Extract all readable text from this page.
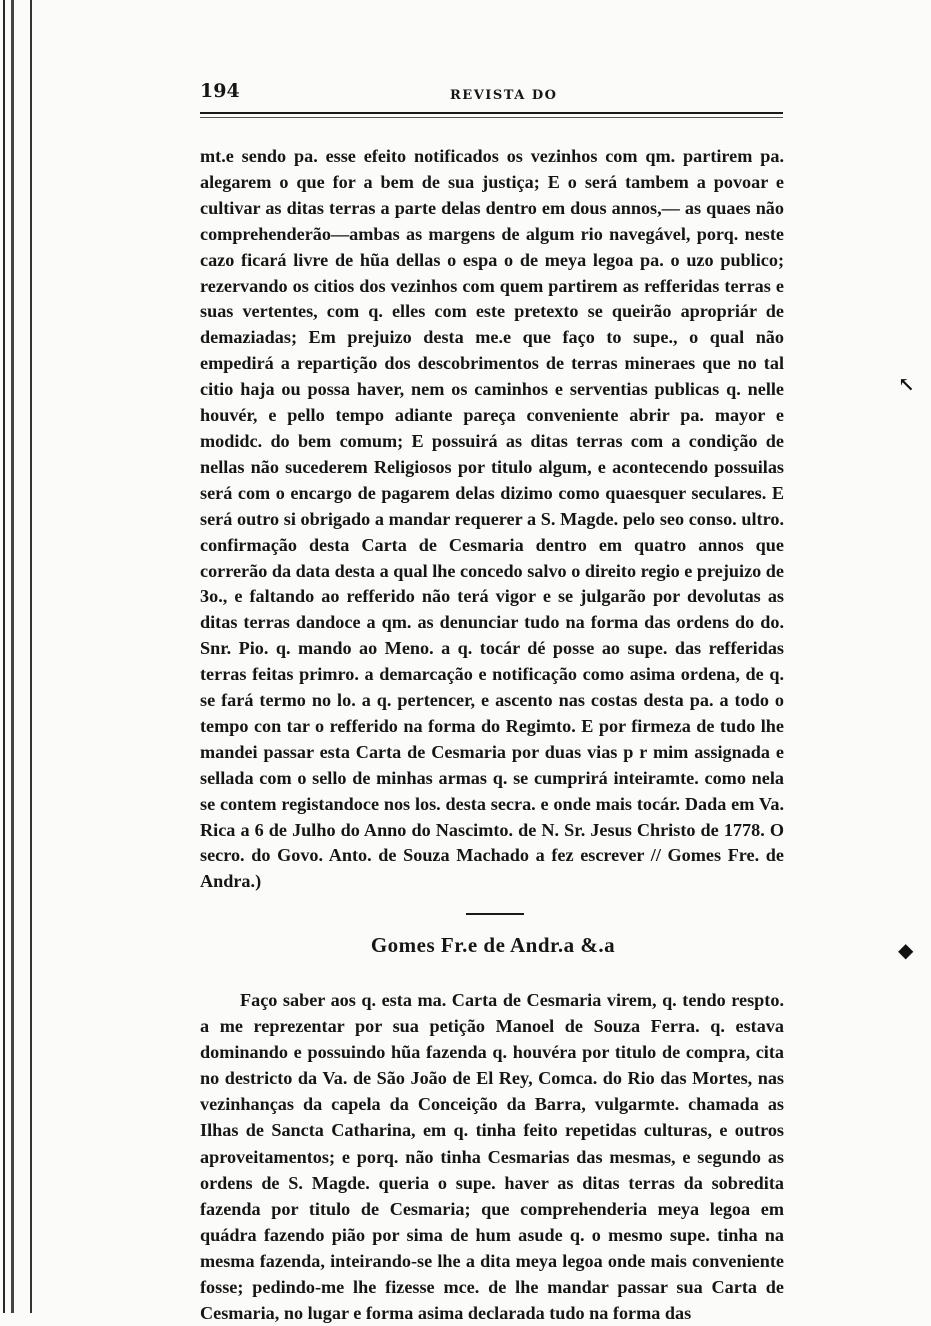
194	REVISTA DO

mt.e sendo pa. esse efeito notificados os vezinhos com qm. partirem pa. alegarem o que for a bem de sua justiça; E o será tambem a povoar e cultivar as ditas terras a parte delas dentro em dous annos,— as quaes não comprehenderão—ambas as margens de algum rio navegável, porq. neste cazo ficará livre de hũa dellas o espa o de meya legoa pa. o uzo publico; rezervando os citios dos vezinhos com quem partirem as refferidas terras e suas vertentes, com q. elles com este pretexto se queirão apropriár de demaziadas; Em prejuizo desta me.e que faço to supe., o qual não empedirá a repartição dos descobrimentos de terras mineraes que no tal citio haja ou possa haver, nem os caminhos e serventias publicas q. nelle houvér, e pello tempo adiante pareça conveniente abrir pa. mayor e modidc. do bem comum; E possuirá as ditas terras com a condição de nellas não sucederem Religiosos por titulo algum, e acontecendo possuilas será com o encargo de pagarem delas dizimo como quaesquer seculares. E será outro si obrigado a mandar requerer a S. Magde. pelo seo conso. ultro. confirmação desta Carta de Cesmaria dentro em quatro annos que correrão da data desta a qual lhe concedo salvo o direito regio e prejuizo de 3o., e faltando ao refferido não terá vigor e se julgarão por devolutas as ditas terras dandoce a qm. as denunciar tudo na forma das ordens do do. Snr. Pio. q. mando ao Meno. a q. tocár dé posse ao supe. das refferidas terras feitas primro. a demarcação e notificação como asima ordena, de q. se fará termo no lo. a q. pertencer, e ascento nas costas desta pa. a todo o tempo con tar o refferido na forma do Regimto. E por firmeza de tudo lhe mandei passar esta Carta de Cesmaria por duas vias p r mim assignada e sellada com o sello de minhas armas q. se cumprirá inteiramte. como nela se contem registandoce nos los. desta secra. e onde mais tocár. Dada em Va. Rica a 6 de Julho do Anno do Nascimto. de N. Sr. Jesus Christo de 1778. O secro. do Govo. Anto. de Souza Machado a fez escrever // Gomes Fre. de Andra.)

Gomes Fr.e de Andr.a &.a

Faço saber aos q. esta ma. Carta de Cesmaria virem, q. tendo respto. a me reprezentar por sua petição Manoel de Souza Ferra. q. estava dominando e possuindo hũa fazenda q. houvéra por titulo de compra, cita no destricto da Va. de São João de El Rey, Comca. do Rio das Mortes, nas vezinhanças da capela da Conceição da Barra, vulgarmte. chamada as Ilhas de Sancta Catharina, em q. tinha feito repetidas culturas, e outros aproveitamentos; e porq. não tinha Cesmarias das mesmas, e segundo as ordens de S. Magde. queria o supe. haver as ditas terras da sobredita fazenda por titulo de Cesmaria; que comprehenderia meya legoa em quádra fazendo pião por sima de hum asude q. o mesmo supe. tinha na mesma fazenda, inteirando-se lhe a dita meya legoa onde mais conveniente fosse; pedindo-me lhe fizesse mce. de lhe mandar passar sua Carta de Cesmaria, no lugar e forma asima declarada tudo na forma das

↖
◆
